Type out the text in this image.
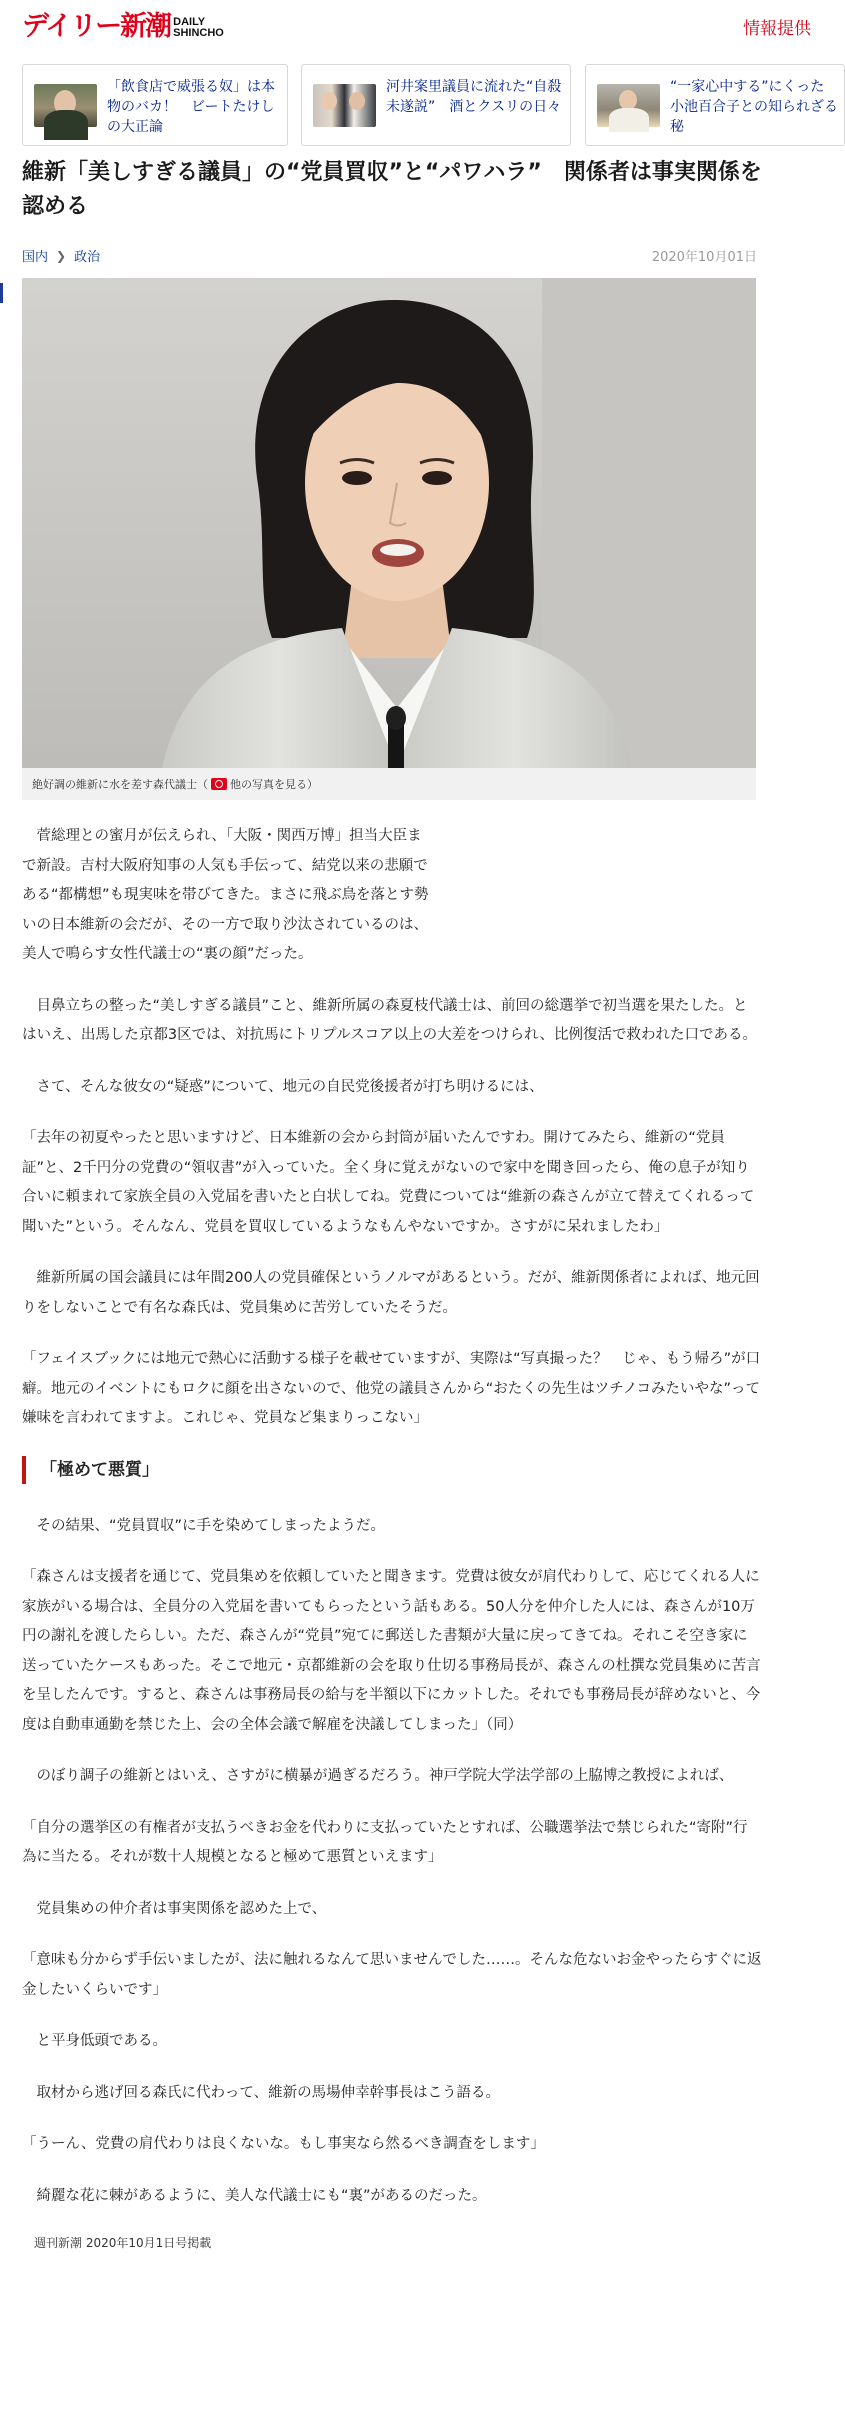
デイリー新潮 DAILY
SHINCHO	情報提供
「飲食店で威張る奴」は本物のバカ！　ビートたけしの大正論
河井案里議員に流れた“自殺未遂説”　酒とクスリの日々
“一家心中する”にくった小池百合子との知られざる秘
維新「美しすぎる議員」の“党員買収”と“パワハラ”　関係者は事実関係を認める
国内 ❯ 政治	2020年10月01日
絶好調の維新に水を差す森代議士（ 他の写真を見る ）

菅総理との蜜月が伝えられ、「大阪・関西万博」担当大臣まで新設。吉村大阪府知事の人気も手伝って、結党以来の悲願である“都構想”も現実味を帯びてきた。まさに飛ぶ鳥を落とす勢いの日本維新の会だが、その一方で取り沙汰されているのは、美人で鳴らす女性代議士の“裏の顔”だった。

目鼻立ちの整った“美しすぎる議員”こと、維新所属の森夏枝代議士は、前回の総選挙で初当選を果たした。とはいえ、出馬した京都3区では、対抗馬にトリプルスコア以上の大差をつけられ、比例復活で救われた口である。

さて、そんな彼女の“疑惑”について、地元の自民党後援者が打ち明けるには、

「去年の初夏やったと思いますけど、日本維新の会から封筒が届いたんですわ。開けてみたら、維新の“党員証”と、2千円分の党費の“領収書”が入っていた。全く身に覚えがないので家中を聞き回ったら、俺の息子が知り合いに頼まれて家族全員の入党届を書いたと白状してね。党費については“維新の森さんが立て替えてくれるって聞いた”という。そんなん、党員を買収しているようなもんやないですか。さすがに呆れましたわ」

維新所属の国会議員には年間200人の党員確保というノルマがあるという。だが、維新関係者によれば、地元回りをしないことで有名な森氏は、党員集めに苦労していたそうだ。

「フェイスブックには地元で熱心に活動する様子を載せていますが、実際は“写真撮った？　じゃ、もう帰ろ”が口癖。地元のイベントにもロクに顔を出さないので、他党の議員さんから“おたくの先生はツチノコみたいやな”って嫌味を言われてますよ。これじゃ、党員など集まりっこない」

「極めて悪質」

その結果、“党員買収”に手を染めてしまったようだ。

「森さんは支援者を通じて、党員集めを依頼していたと聞きます。党費は彼女が肩代わりして、応じてくれる人に家族がいる場合は、全員分の入党届を書いてもらったという話もある。50人分を仲介した人には、森さんが10万円の謝礼を渡したらしい。ただ、森さんが“党員”宛てに郵送した書類が大量に戻ってきてね。それこそ空き家に送っていたケースもあった。そこで地元・京都維新の会を取り仕切る事務局長が、森さんの杜撰な党員集めに苦言を呈したんです。すると、森さんは事務局長の給与を半額以下にカットした。それでも事務局長が辞めないと、今度は自動車通勤を禁じた上、会の全体会議で解雇を決議してしまった」（同）

のぼり調子の維新とはいえ、さすがに横暴が過ぎるだろう。神戸学院大学法学部の上脇博之教授によれば、

「自分の選挙区の有権者が支払うべきお金を代わりに支払っていたとすれば、公職選挙法で禁じられた“寄附”行為に当たる。それが数十人規模となると極めて悪質といえます」

党員集めの仲介者は事実関係を認めた上で、

「意味も分からず手伝いましたが、法に触れるなんて思いませんでした……。そんな危ないお金やったらすぐに返金したいくらいです」

と平身低頭である。

取材から逃げ回る森氏に代わって、維新の馬場伸幸幹事長はこう語る。

「うーん、党費の肩代わりは良くないな。もし事実なら然るべき調査をします」

綺麗な花に棘があるように、美人な代議士にも“裏”があるのだった。

週刊新潮 2020年10月1日号掲載
